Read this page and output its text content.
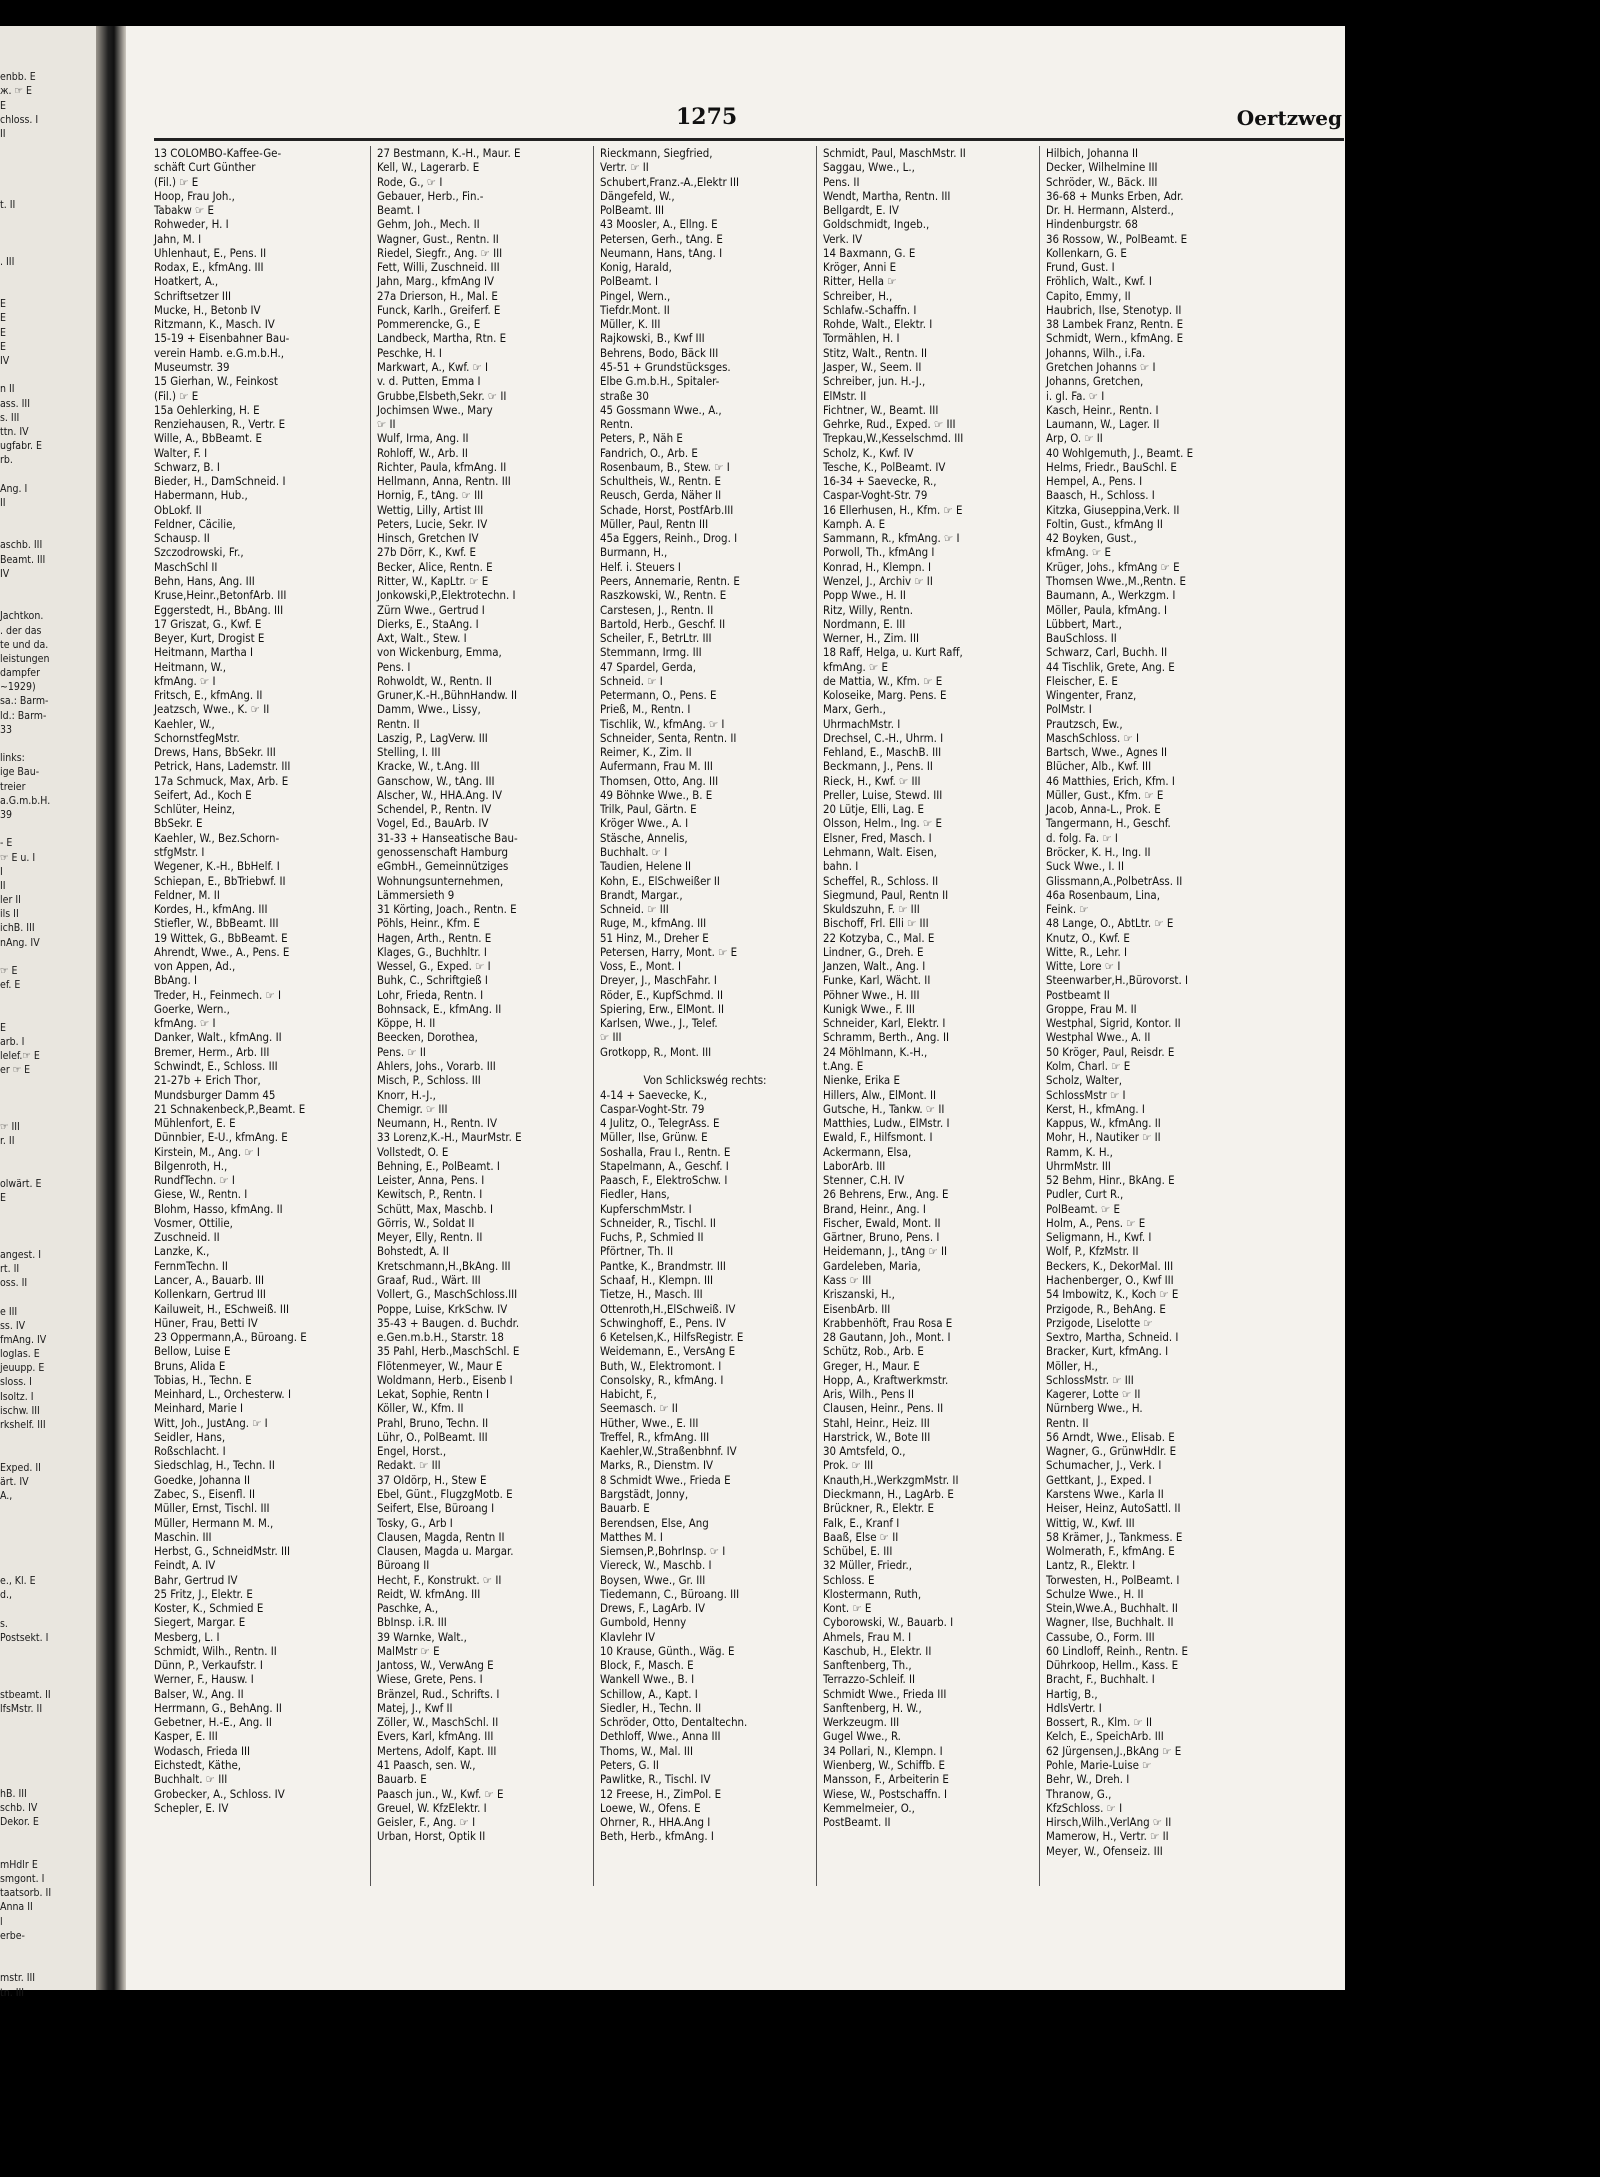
enbb. E
ж. ☞ E
E
chloss. I
II
t. II
. III
E
E
E
E
IV
n II
ass. III
s. III
ttn. IV
ugfabr. E
rb.
Ang. I
II
aschb. III
Beamt. III
IV
Jachtkon.
. der das
te und da.
leistungen
dampfer
~1929)
sa.: Barm-
ld.: Barm-
33
links:
ige Bau-
treier
a.G.m.b.H.
39
- E
☞ E u. I
I
II
ler II
ils II
ichB. III
nAng. IV
☞ E
ef. E
E
arb. I
lelef.☞ E
er ☞ E
☞ III
r. II
olwärt. E
E
angest. I
rt. II
oss. II
e III
ss. IV
fmAng. IV
loglas. E
jeuupp. E
sloss. I
Isoltz. I
ischw. III
rkshelf. III
Exped. II
ärt. IV
A.,
e., Kl. E
d.,
s.
Postsekt. I
stbeamt. II
lfsMstr. II
hB. III
schb. IV
Dekor. E
mHdlr E
smgont. I
taatsorb. II
Anna II
l
erbe-
mstr. III
tn. III
1275	Oertzweg
13 COLOMBO-Kaffee-Ge-
schäft Curt Günther
(Fil.) ☞ E
Hoop, Frau Joh.,
Tabakw ☞ E
Rohweder, H. I
Jahn, M. I
Uhlenhaut, E., Pens. II
Rodax, E., kfmAng. III
Hoatkert, A.,
Schriftsetzer III
Mucke, H., Betonb IV
Ritzmann, K., Masch. IV
15-19 + Eisenbahner Bau-
verein Hamb. e.G.m.b.H.,
Museumstr. 39
15 Gierhan, W., Feinkost
(Fil.) ☞ E
15a Oehlerking, H. E
Renziehausen, R., Vertr. E
Wille, A., BbBeamt. E
Walter, F. I
Schwarz, B. I
Bieder, H., DamSchneid. I
Habermann, Hub.,
ObLokf. II
Feldner, Cäcilie,
Schausp. II
Szczodrowski, Fr.,
MaschSchl II
Behn, Hans, Ang. III
Kruse,Heinr.,BetonfArb. III
Eggerstedt, H., BbAng. III
17 Griszat, G., Kwf. E
Beyer, Kurt, Drogist E
Heitmann, Martha I
Heitmann, W.,
kfmAng. ☞ I
Fritsch, E., kfmAng. II
Jeatzsch, Wwe., K. ☞ II
Kaehler, W.,
SchornstfegMstr.
Drews, Hans, BbSekr. III
Petrick, Hans, Lademstr. III
17a Schmuck, Max, Arb. E
Seifert, Ad., Koch E
Schlüter, Heinz,
BbSekr. E
Kaehler, W., Bez.Schorn-
stfgMstr. I
Wegener, K.-H., BbHelf. I
Schiepan, E., BbTriebwf. II
Feldner, M. II
Kordes, H., kfmAng. III
Stiefler, W., BbBeamt. III
19 Wittek, G., BbBeamt. E
Ahrendt, Wwe., A., Pens. E
von Appen, Ad.,
BbAng. I
Treder, H., Feinmech. ☞ I
Goerke, Wern.,
kfmAng. ☞ I
Danker, Walt., kfmAng. II
Bremer, Herm., Arb. III
Schwindt, E., Schloss. III
21-27b + Erich Thor,
Mundsburger Damm 45
21 Schnakenbeck,P.,Beamt. E
Mühlenfort, E. E
Dünnbier, E-U., kfmAng. E
Kirstein, M., Ang. ☞ I
Bilgenroth, H.,
RundfTechn. ☞ I
Giese, W., Rentn. I
Blohm, Hasso, kfmAng. II
Vosmer, Ottilie,
Zuschneid. II
Lanzke, K.,
FernmTechn. II
Lancer, A., Bauarb. III
Kollenkarn, Gertrud III
Kailuweit, H., ESchweiß. III
Hüner, Frau, Betti IV
23 Oppermann,A., Büroang. E
Bellow, Luise E
Bruns, Alida E
Tobias, H., Techn. E
Meinhard, L., Orchesterw. I
Meinhard, Marie I
Witt, Joh., JustAng. ☞ I
Seidler, Hans,
Roßschlacht. I
Siedschlag, H., Techn. II
Goedke, Johanna II
Zabec, S., Eisenfl. II
Müller, Ernst, Tischl. III
Müller, Hermann M. M.,
Maschin. III
Herbst, G., SchneidMstr. III
Feindt, A. IV
Bahr, Gertrud IV
25 Fritz, J., Elektr. E
Koster, K., Schmied E
Siegert, Margar. E
Mesberg, L. I
Schmidt, Wilh., Rentn. II
Dünn, P., Verkaufstr. I
Werner, F., Hausw. I
Balser, W., Ang. II
Herrmann, G., BehAng. II
Gebetner, H.-E., Ang. II
Kasper, E. III
Wodasch, Frieda III
Eichstedt, Käthe,
Buchhalt. ☞ III
Grobecker, A., Schloss. IV
Schepler, E. IV
27 Bestmann, K.-H., Maur. E
Kell, W., Lagerarb. E
Rode, G., ☞ I
Gebauer, Herb., Fin.-
Beamt. I
Gehm, Joh., Mech. II
Wagner, Gust., Rentn. II
Riedel, Siegfr., Ang. ☞ III
Fett, Willi, Zuschneid. III
Jahn, Marg., kfmAng IV
27a Drierson, H., Mal. E
Funck, Karlh., Greiferf. E
Pommerencke, G., E
Landbeck, Martha, Rtn. E
Peschke, H. I
Markwart, A., Kwf. ☞ I
v. d. Putten, Emma I
Grubbe,Elsbeth,Sekr. ☞ II
Jochimsen Wwe., Mary
☞ II
Wulf, Irma, Ang. II
Rohloff, W., Arb. II
Richter, Paula, kfmAng. II
Hellmann, Anna, Rentn. III
Hornig, F., tAng. ☞ III
Wettig, Lilly, Artist III
Peters, Lucie, Sekr. IV
Hinsch, Gretchen IV
27b Dörr, K., Kwf. E
Becker, Alice, Rentn. E
Ritter, W., KapLtr. ☞ E
Jonkowski,P.,Elektrotechn. I
Zürn Wwe., Gertrud I
Dierks, E., StaAng. I
Axt, Walt., Stew. I
von Wickenburg, Emma,
Pens. I
Rohwoldt, W., Rentn. II
Gruner,K.-H.,BühnHandw. II
Damm, Wwe., Lissy,
Rentn. II
Laszig, P., LagVerw. III
Stelling, I. III
Kracke, W., t.Ang. III
Ganschow, W., tAng. III
Alscher, W., HHA.Ang. IV
Schendel, P., Rentn. IV
Vogel, Ed., BauArb. IV
31-33 + Hanseatische Bau-
genossenschaft Hamburg
eGmbH., Gemeinnütziges
Wohnungsunternehmen,
Lämmersieth 9
31 Körting, Joach., Rentn. E
Pöhls, Heinr., Kfm. E
Hagen, Arth., Rentn. E
Klages, G., Buchhltr. I
Wessel, G., Exped. ☞ I
Buhk, C., Schriftgieß I
Lohr, Frieda, Rentn. I
Bohnsack, E., kfmAng. II
Köppe, H. II
Beecken, Dorothea,
Pens. ☞ II
Ahlers, Johs., Vorarb. III
Misch, P., Schloss. III
Knorr, H.-J.,
Chemigr. ☞ III
Neumann, H., Rentn. IV
33 Lorenz,K.-H., MaurMstr. E
Vollstedt, O. E
Behning, E., PolBeamt. I
Leister, Anna, Pens. I
Kewitsch, P., Rentn. I
Schütt, Max, Maschb. I
Görris, W., Soldat II
Meyer, Elly, Rentn. II
Bohstedt, A. II
Kretschmann,H.,BkAng. III
Graaf, Rud., Wärt. III
Vollert, G., MaschSchloss.III
Poppe, Luise, KrkSchw. IV
35-43 + Baugen. d. Buchdr.
e.Gen.m.b.H., Starstr. 18
35 Pahl, Herb.,MaschSchl. E
Flötenmeyer, W., Maur E
Woldmann, Herb., Eisenb I
Lekat, Sophie, Rentn I
Köller, W., Kfm. II
Prahl, Bruno, Techn. II
Lühr, O., PolBeamt. III
Engel, Horst.,
Redakt. ☞ III
37 Oldörp, H., Stew E
Ebel, Günt., FlugzgMotb. E
Seifert, Else, Büroang I
Tosky, G., Arb I
Clausen, Magda, Rentn II
Clausen, Magda u. Margar.
Büroang II
Hecht, F., Konstrukt. ☞ II
Reidt, W. kfmAng. III
Paschke, A.,
BbInsp. i.R. III
39 Warnke, Walt.,
MalMstr ☞ E
Jantoss, W., VerwAng E
Wiese, Grete, Pens. I
Bränzel, Rud., Schrifts. I
Matej, J., Kwf II
Zöller, W., MaschSchl. II
Evers, Karl, kfmAng. III
Mertens, Adolf, Kapt. III
41 Paasch, sen. W.,
Bauarb. E
Paasch jun., W., Kwf. ☞ E
Greuel, W. KfzElektr. I
Geisler, F., Ang. ☞ I
Urban, Horst, Optik II
Rieckmann, Siegfried,
Vertr. ☞ II
Schubert,Franz.-A.,Elektr III
Dängefeld, W.,
PolBeamt. III
43 Moosler, A., Ellng. E
Petersen, Gerh., tAng. E
Neumann, Hans, tAng. I
Konig, Harald,
PolBeamt. I
Pingel, Wern.,
Tiefdr.Mont. II
Müller, K. III
Rajkowski, B., Kwf III
Behrens, Bodo, Bäck III
45-51 + Grundstücksges.
Elbe G.m.b.H., Spitaler-
straße 30
45 Gossmann Wwe., A.,
Rentn.
Peters, P., Näh E
Fandrich, O., Arb. E
Rosenbaum, B., Stew. ☞ I
Schultheis, W., Rentn. E
Reusch, Gerda, Näher II
Schade, Horst, PostfArb.III
Müller, Paul, Rentn III
45a Eggers, Reinh., Drog. I
Burmann, H.,
Helf. i. Steuers I
Peers, Annemarie, Rentn. E
Raszkowski, W., Rentn. E
Carstesen, J., Rentn. II
Bartold, Herb., Geschf. II
Scheiler, F., BetrLtr. III
Stemmann, Irmg. III
47 Spardel, Gerda,
Schneid. ☞ I
Petermann, O., Pens. E
Prieß, M., Rentn. I
Tischlik, W., kfmAng. ☞ I
Schneider, Senta, Rentn. II
Reimer, K., Zim. II
Aufermann, Frau M. III
Thomsen, Otto, Ang. III
49 Böhnke Wwe., B. E
Trilk, Paul, Gärtn. E
Kröger Wwe., A. I
Stäsche, Annelis,
Buchhalt. ☞ I
Taudien, Helene II
Kohn, E., ElSchweißer II
Brandt, Margar.,
Schneid. ☞ III
Ruge, M., kfmAng. III
51 Hinz, M., Dreher E
Petersen, Harry, Mont. ☞ E
Voss, E., Mont. I
Dreyer, J., MaschFahr. I
Röder, E., KupfSchmd. II
Spiering, Erw., ElMont. II
Karlsen, Wwe., J., Telef.
☞ III
Grotkopp, R., Mont. III
Von Schlickswég rechts:
4-14 + Saevecke, K.,
Caspar-Voght-Str. 79
4 Julitz, O., TelegrAss. E
Müller, Ilse, Grünw. E
Soshalla, Frau I., Rentn. E
Stapelmann, A., Geschf. I
Paasch, F., ElektroSchw. I
Fiedler, Hans,
KupferschmMstr. I
Schneider, R., Tischl. II
Fuchs, P., Schmied II
Pförtner, Th. II
Pantke, K., Brandmstr. III
Schaaf, H., Klempn. III
Tietze, H., Masch. III
Ottenroth,H.,ElSchweiß. IV
Schwinghoff, E., Pens. IV
6 Ketelsen,K., HilfsRegistr. E
Weidemann, E., VersAng E
Buth, W., Elektromont. I
Consolsky, R., kfmAng. I
Habicht, F.,
Seemasch. ☞ II
Hüther, Wwe., E. III
Treffel, R., kfmAng. III
Kaehler,W.,Straßenbhnf. IV
Marks, R., Dienstm. IV
8 Schmidt Wwe., Frieda E
Bargstädt, Jonny,
Bauarb. E
Berendsen, Else, Ang
Matthes M. I
Siemsen,P.,BohrInsp. ☞ I
Viereck, W., Maschb. I
Boysen, Wwe., Gr. III
Tiedemann, C., Büroang. III
Drews, F., LagArb. IV
Gumbold, Henny
Klavlehr IV
10 Krause, Günth., Wäg. E
Block, F., Masch. E
Wankell Wwe., B. I
Schillow, A., Kapt. I
Siedler, H., Techn. II
Schröder, Otto, Dentaltechn.
Dethloff, Wwe., Anna III
Thoms, W., Mal. III
Peters, G. II
Pawlitke, R., Tischl. IV
12 Freese, H., ZimPol. E
Loewe, W., Ofens. E
Ohrner, R., HHA.Ang I
Beth, Herb., kfmAng. I
Schmidt, Paul, MaschMstr. II
Saggau, Wwe., L.,
Pens. II
Wendt, Martha, Rentn. III
Bellgardt, E. IV
Goldschmidt, Ingeb.,
Verk. IV
14 Baxmann, G. E
Kröger, Anni E
Ritter, Hella ☞
Schreiber, H.,
Schlafw.-Schaffn. I
Rohde, Walt., Elektr. I
Tormählen, H. I
Stitz, Walt., Rentn. II
Jasper, W., Seem. II
Schreiber, jun. H.-J.,
ElMstr. II
Fichtner, W., Beamt. III
Gehrke, Rud., Exped. ☞ III
Trepkau,W.,Kesselschmd. III
Scholz, K., Kwf. IV
Tesche, K., PolBeamt. IV
16-34 + Saevecke, R.,
Caspar-Voght-Str. 79
16 Ellerhusen, H., Kfm. ☞ E
Kamph. A. E
Sammann, R., kfmAng. ☞ I
Porwoll, Th., kfmAng I
Konrad, H., Klempn. I
Wenzel, J., Archiv ☞ II
Popp Wwe., H. II
Ritz, Willy, Rentn.
Nordmann, E. III
Werner, H., Zim. III
18 Raff, Helga, u. Kurt Raff,
kfmAng. ☞ E
de Mattia, W., Kfm. ☞ E
Koloseike, Marg. Pens. E
Marx, Gerh.,
UhrmachMstr. I
Drechsel, C.-H., Uhrm. I
Fehland, E., MaschB. III
Beckmann, J., Pens. II
Rieck, H., Kwf. ☞ III
Preller, Luise, Stewd. III
20 Lütje, Elli, Lag. E
Olsson, Helm., Ing. ☞ E
Elsner, Fred, Masch. I
Lehmann, Walt. Eisen,
bahn. I
Scheffel, R., Schloss. II
Siegmund, Paul, Rentn II
Skuldszuhn, F. ☞ III
Bischoff, Frl. Elli ☞ III
22 Kotzyba, C., Mal. E
Lindner, G., Dreh. E
Janzen, Walt., Ang. I
Funke, Karl, Wächt. II
Pöhner Wwe., H. III
Kunigk Wwe., F. III
Schneider, Karl, Elektr. I
Schramm, Berth., Ang. II
24 Möhlmann, K.-H.,
t.Ang. E
Nienke, Erika E
Hillers, Alw., ElMont. II
Gutsche, H., Tankw. ☞ II
Matthies, Ludw., ElMstr. I
Ewald, F., Hilfsmont. I
Ackermann, Elsa,
LaborArb. III
Stenner, C.H. IV
26 Behrens, Erw., Ang. E
Brand, Heinr., Ang. I
Fischer, Ewald, Mont. II
Gärtner, Bruno, Pens. I
Heidemann, J., tAng ☞ II
Gardeleben, Maria,
Kass ☞ III
Kriszanski, H.,
EisenbArb. III
Krabbenhöft, Frau Rosa E
28 Gautann, Joh., Mont. I
Schütz, Rob., Arb. E
Greger, H., Maur. E
Hopp, A., Kraftwerkmstr.
Aris, Wilh., Pens II
Clausen, Heinr., Pens. II
Stahl, Heinr., Heiz. III
Harstrick, W., Bote III
30 Amtsfeld, O.,
Prok. ☞ III
Knauth,H.,WerkzgmMstr. II
Dieckmann, H., LagArb. E
Brückner, R., Elektr. E
Falk, E., Kranf I
Baaß, Else ☞ II
Schübel, E. III
32 Müller, Friedr.,
Schloss. E
Klostermann, Ruth,
Kont. ☞ E
Cyborowski, W., Bauarb. I
Ahmels, Frau M. I
Kaschub, H., Elektr. II
Sanftenberg, Th.,
Terrazzo-Schleif. II
Schmidt Wwe., Frieda III
Sanftenberg, H. W.,
Werkzeugm. III
Gugel Wwe., R.
34 Pollari, N., Klempn. I
Wienberg, W., Schiffb. E
Mansson, F., Arbeiterin E
Wiese, W., Postschaffn. I
Kemmelmeier, O.,
PostBeamt. II
Hilbich, Johanna II
Decker, Wilhelmine III
Schröder, W., Bäck. III
36-68 + Munks Erben, Adr.
Dr. H. Hermann, Alsterd.,
Hindenburgstr. 68
36 Rossow, W., PolBeamt. E
Kollenkarn, G. E
Frund, Gust. I
Fröhlich, Walt., Kwf. I
Capito, Emmy, II
Haubrich, Ilse, Stenotyp. II
38 Lambek Franz, Rentn. E
Schmidt, Wern., kfmAng. E
Johanns, Wilh., i.Fa.
Gretchen Johanns ☞ I
Johanns, Gretchen,
i. gl. Fa. ☞ I
Kasch, Heinr., Rentn. I
Laumann, W., Lager. II
Arp, O. ☞ II
40 Wohlgemuth, J., Beamt. E
Helms, Friedr., BauSchl. E
Hempel, A., Pens. I
Baasch, H., Schloss. I
Kitzka, Giuseppina,Verk. II
Foltin, Gust., kfmAng II
42 Boyken, Gust.,
kfmAng. ☞ E
Krüger, Johs., kfmAng ☞ E
Thomsen Wwe.,M.,Rentn. E
Baumann, A., Werkzgm. I
Möller, Paula, kfmAng. I
Lübbert, Mart.,
BauSchloss. II
Schwarz, Carl, Buchh. II
44 Tischlik, Grete, Ang. E
Fleischer, E. E
Wingenter, Franz,
PolMstr. I
Prautzsch, Ew.,
MaschSchloss. ☞ I
Bartsch, Wwe., Agnes II
Blücher, Alb., Kwf. III
46 Matthies, Erich, Kfm. I
Müller, Gust., Kfm. ☞ E
Jacob, Anna-L., Prok. E
Tangermann, H., Geschf.
d. folg. Fa. ☞ I
Bröcker, K. H., Ing. II
Suck Wwe., I. II
Glissmann,A.,PolbetrAss. II
46a Rosenbaum, Lina,
Feink. ☞
48 Lange, O., AbtLtr. ☞ E
Knutz, O., Kwf. E
Witte, R., Lehr. I
Witte, Lore ☞ I
Steenwarber,H.,Bürovorst. I
Postbeamt II
Groppe, Frau M. II
Westphal, Sigrid, Kontor. II
Westphal Wwe., A. II
50 Kröger, Paul, Reisdr. E
Kolm, Charl. ☞ E
Scholz, Walter,
SchlossMstr ☞ I
Kerst, H., kfmAng. I
Kappus, W., kfmAng. II
Mohr, H., Nautiker ☞ II
Ramm, K. H.,
UhrmMstr. III
52 Behm, Hinr., BkAng. E
Pudler, Curt R.,
PolBeamt. ☞ E
Holm, A., Pens. ☞ E
Seligmann, H., Kwf. I
Wolf, P., KfzMstr. II
Beckers, K., DekorMal. III
Hachenberger, O., Kwf III
54 Imbowitz, K., Koch ☞ E
Przigode, R., BehAng. E
Przigode, Liselotte ☞
Sextro, Martha, Schneid. I
Bracker, Kurt, kfmAng. I
Möller, H.,
SchlossMstr. ☞ III
Kagerer, Lotte ☞ II
Nürnberg Wwe., H.
Rentn. II
56 Arndt, Wwe., Elisab. E
Wagner, G., GrünwHdlr. E
Schumacher, J., Verk. I
Gettkant, J., Exped. I
Karstens Wwe., Karla II
Heiser, Heinz, AutoSattl. II
Wittig, W., Kwf. III
58 Krämer, J., Tankmess. E
Wolmerath, F., kfmAng. E
Lantz, R., Elektr. I
Torwesten, H., PolBeamt. I
Schulze Wwe., H. II
Stein,Wwe.A., Buchhalt. II
Wagner, Ilse, Buchhalt. II
Cassube, O., Form. III
60 Lindloff, Reinh., Rentn. E
Dührkoop, Hellm., Kass. E
Bracht, F., Buchhalt. I
Hartig, B.,
HdlsVertr. I
Bossert, R., Klm. ☞ II
Kelch, E., SpeichArb. III
62 Jürgensen,J.,BkAng ☞ E
Pohle, Marie-Luise ☞
Behr, W., Dreh. I
Thranow, G.,
KfzSchloss. ☞ I
Hirsch,Wilh.,VerlAng ☞ II
Mamerow, H., Vertr. ☞ II
Meyer, W., Ofenseiz. III
